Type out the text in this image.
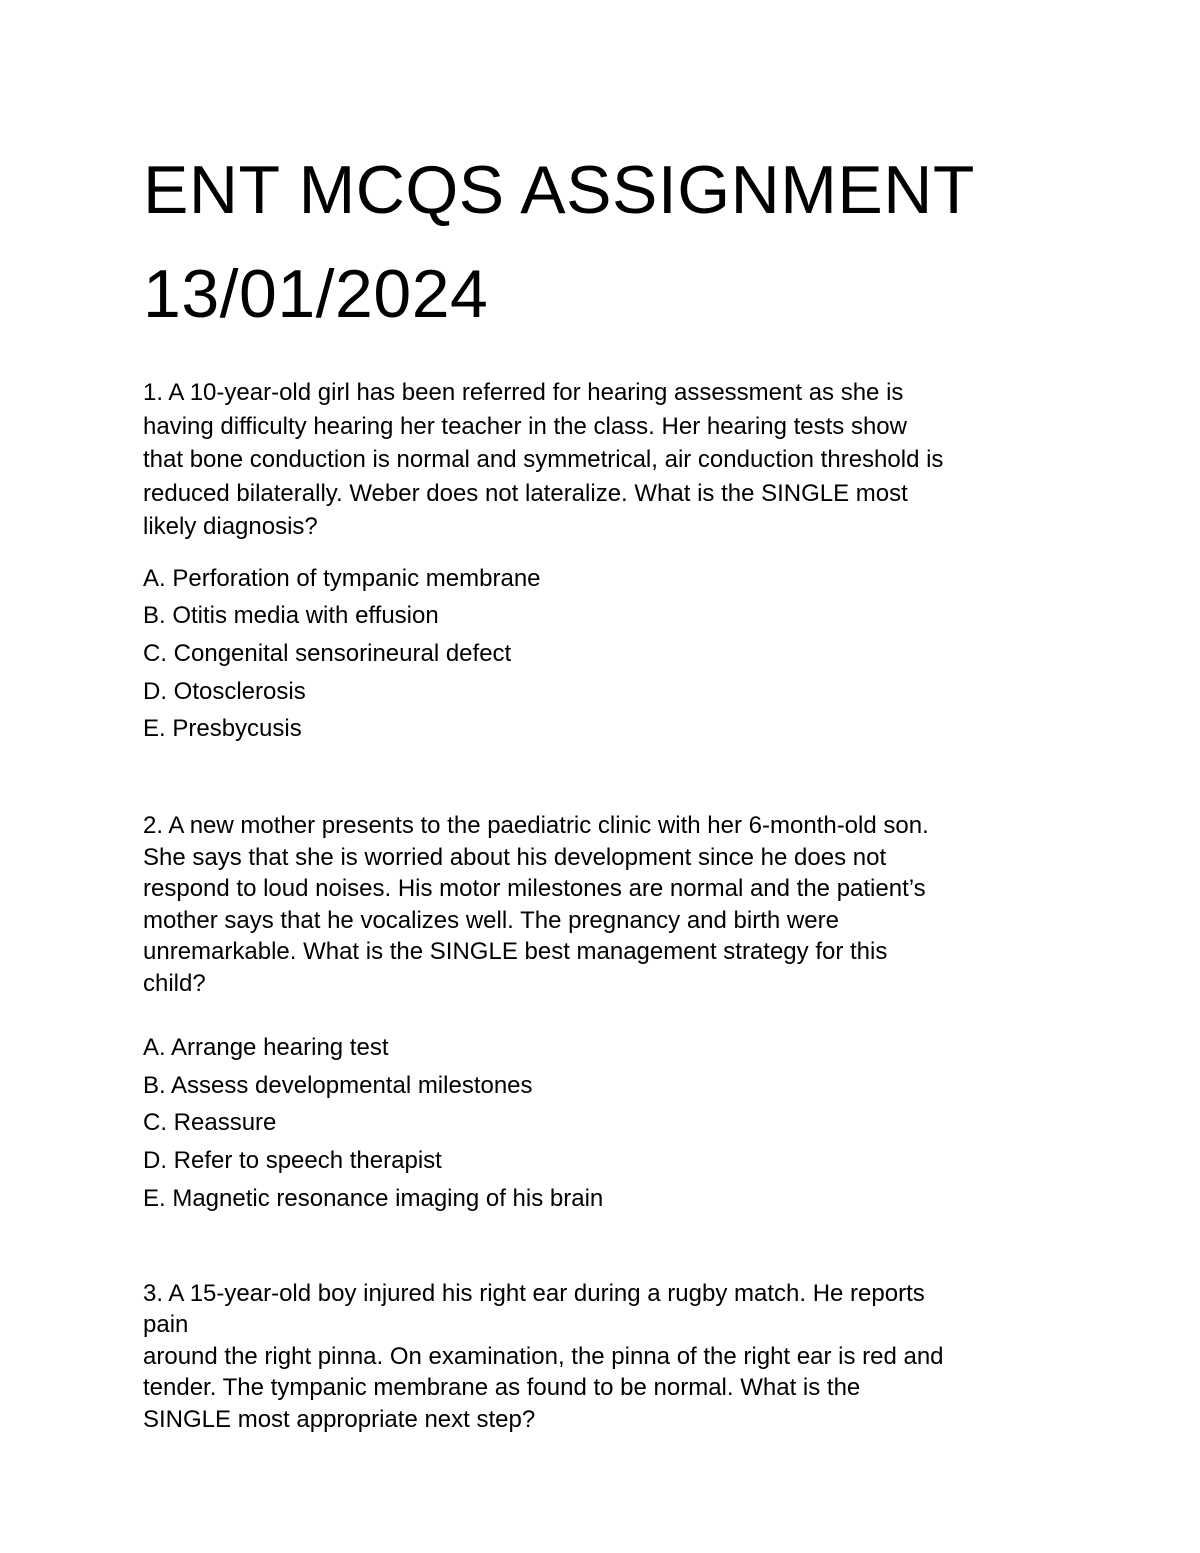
ENT MCQS ASSIGNMENT
13/01/2024
1. A 10-year-old girl has been referred for hearing assessment as she is
having difficulty hearing her teacher in the class. Her hearing tests show
that bone conduction is normal and symmetrical, air conduction threshold is
reduced bilaterally. Weber does not lateralize. What is the SINGLE most
likely diagnosis?
A. Perforation of tympanic membrane
B. Otitis media with effusion
C. Congenital sensorineural defect
D. Otosclerosis
E. Presbycusis
2. A new mother presents to the paediatric clinic with her 6-month-old son.
She says that she is worried about his development since he does not
respond to loud noises. His motor milestones are normal and the patient’s
mother says that he vocalizes well. The pregnancy and birth were
unremarkable. What is the SINGLE best management strategy for this
child?
A. Arrange hearing test
B. Assess developmental milestones
C. Reassure
D. Refer to speech therapist
E. Magnetic resonance imaging of his brain
3. A 15-year-old boy injured his right ear during a rugby match. He reports
pain
around the right pinna. On examination, the pinna of the right ear is red and
tender. The tympanic membrane as found to be normal. What is the
SINGLE most appropriate next step?
